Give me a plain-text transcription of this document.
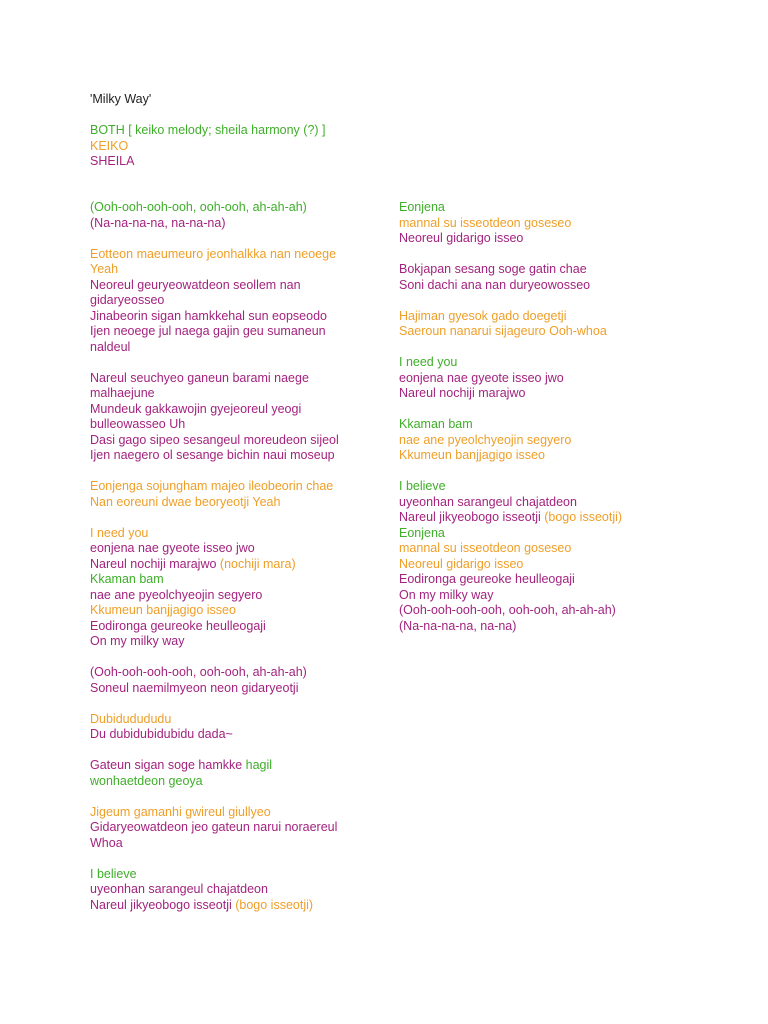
'Milky Way'
BOTH [ keiko melody; sheila harmony (?) ]
KEIKO
SHEILA
(Ooh-ooh-ooh-ooh, ooh-ooh, ah-ah-ah)
(Na-na-na-na, na-na-na)
Eotteon maeumeuro jeonhalkka nan neoege
Yeah
Neoreul geuryeowatdeon seollem nan
gidaryeosseo
Jinabeorin sigan hamkkehal sun eopseodo
Ijen neoege jul naega gajin geu sumaneun
naldeul
Nareul seuchyeo ganeun barami naege
malhaejune
Mundeuk gakkawojin gyejeoreul yeogi
bulleowasseo Uh
Dasi gago sipeo sesangeul moreudeon sijeol
Ijen naegero ol sesange bichin naui moseup
Eonjenga sojungham majeo ileobeorin chae
Nan eoreuni dwae beoryeotji Yeah
I need you
eonjena nae gyeote isseo jwo
Nareul nochiji marajwo (nochiji mara)
Kkaman bam
nae ane pyeolchyeojin segyero
Kkumeun banjjagigo isseo
Eodironga geureoke heulleogaji
On my milky way
(Ooh-ooh-ooh-ooh, ooh-ooh, ah-ah-ah)
Soneul naemilmyeon neon gidaryeotji
Dubidudududu
Du dubidubidubidu dada~
Gateun sigan soge hamkke hagil
wonhaetdeon geoya
Jigeum gamanhi gwireul giullyeo
Gidaryeowatdeon jeo gateun narui noraereul
Whoa
I believe
uyeonhan sarangeul chajatdeon
Nareul jikyeobogo isseotji (bogo isseotji)
Eonjena
mannal su isseotdeon goseseo
Neoreul gidarigo isseo
Bokjapan sesang soge gatin chae
Soni dachi ana nan duryeowosseo
Hajiman gyesok gado doegetji
Saeroun nanarui sijageuro Ooh-whoa
I need you
eonjena nae gyeote isseo jwo
Nareul nochiji marajwo
Kkaman bam
nae ane pyeolchyeojin segyero
Kkumeun banjjagigo isseo
I believe
uyeonhan sarangeul chajatdeon
Nareul jikyeobogo isseotji (bogo isseotji)
Eonjena
mannal su isseotdeon goseseo
Neoreul gidarigo isseo
Eodironga geureoke heulleogaji
On my milky way
(Ooh-ooh-ooh-ooh, ooh-ooh, ah-ah-ah)
(Na-na-na-na, na-na)
